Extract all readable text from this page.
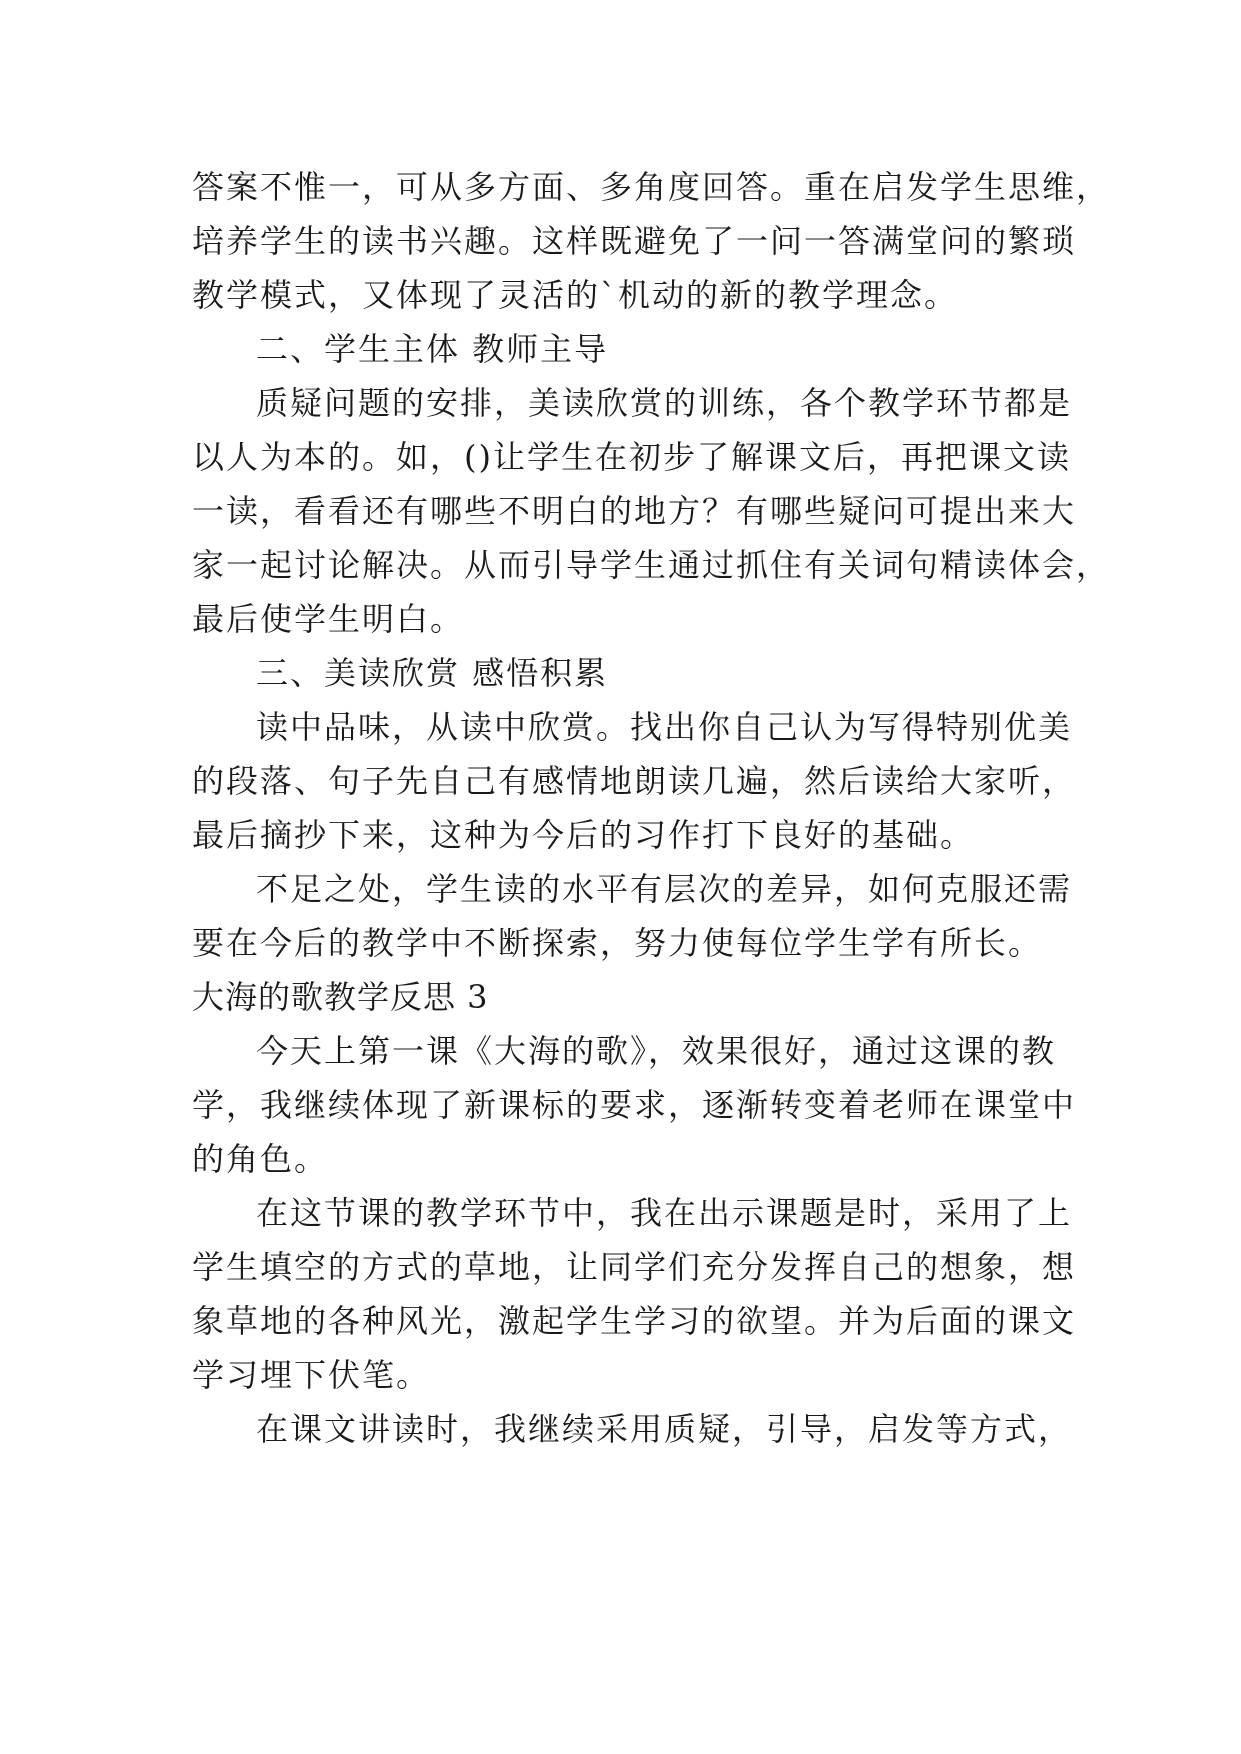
答案不惟一，可从多方面、多角度回答。重在启发学生思维，
培养学生的读书兴趣。这样既避免了一问一答满堂问的繁琐
教学模式，又体现了灵活的`机动的新的教学理念。
二、学生主体 教师主导
质疑问题的安排，美读欣赏的训练，各个教学环节都是
以人为本的。如，()让学生在初步了解课文后，再把课文读
一读，看看还有哪些不明白的地方？有哪些疑问可提出来大
家一起讨论解决。从而引导学生通过抓住有关词句精读体会，
最后使学生明白。
三、美读欣赏 感悟积累
读中品味，从读中欣赏。找出你自己认为写得特别优美
的段落、句子先自己有感情地朗读几遍，然后读给大家听，
最后摘抄下来，这种为今后的习作打下良好的基础。
不足之处，学生读的水平有层次的差异，如何克服还需
要在今后的教学中不断探索，努力使每位学生学有所长。
大海的歌教学反思 3
今天上第一课《大海的歌》，效果很好，通过这课的教
学，我继续体现了新课标的要求，逐渐转变着老师在课堂中
的角色。
在这节课的教学环节中，我在出示课题是时，采用了上
学生填空的方式的草地，让同学们充分发挥自己的想象，想
象草地的各种风光，激起学生学习的欲望。并为后面的课文
学习埋下伏笔。
在课文讲读时，我继续采用质疑，引导，启发等方式，
